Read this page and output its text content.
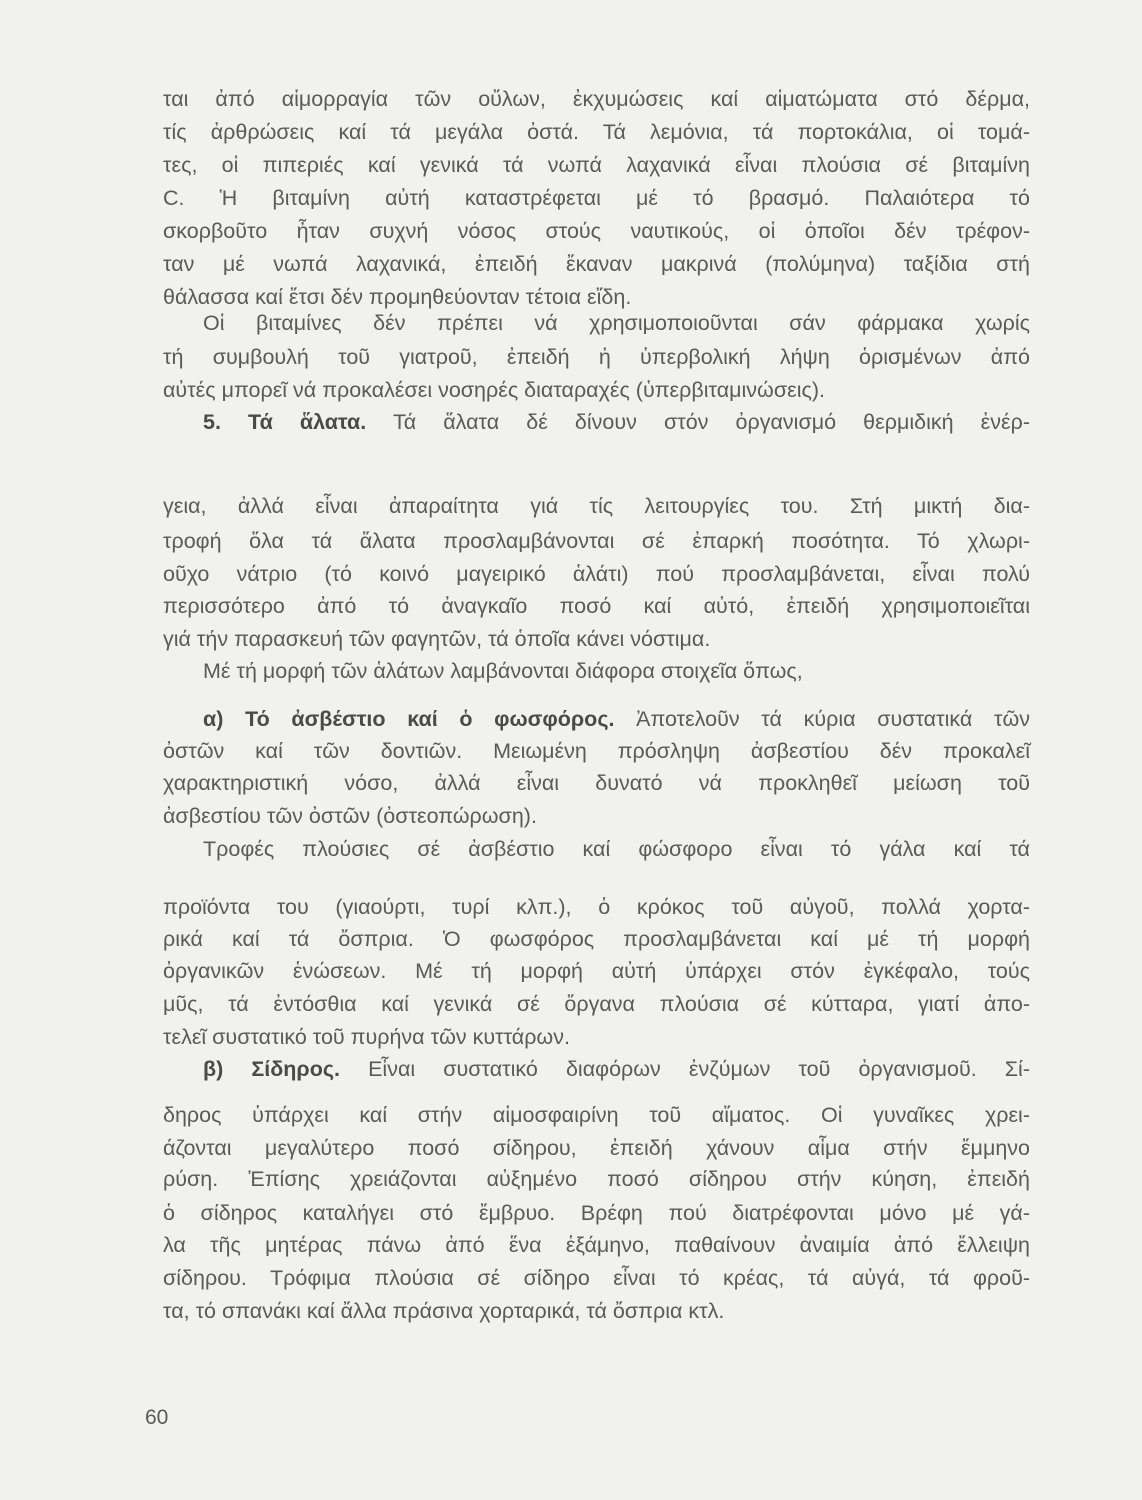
ται ἀπό αἱμορραγία τῶν οὔλων, ἐκχυμώσεις καί αἱματώματα στό δέρμα,
τίς ἀρθρώσεις καί τά μεγάλα ὀστά. Τά λεμόνια, τά πορτοκάλια, οἱ τομά-
τες, οἱ πιπεριές καί γενικά τά νωπά λαχανικά εἶναι πλούσια σέ βιταμίνη
C. Ἡ βιταμίνη αὐτή καταστρέφεται μέ τό βρασμό. Παλαιότερα τό
σκορβοῦτο ἦταν συχνή νόσος στούς ναυτικούς, οἱ ὁποῖοι δέν τρέφον-
ταν μέ νωπά λαχανικά, ἐπειδή ἔκαναν μακρινά (πολύμηνα) ταξίδια στή
θάλασσα καί ἔτσι δέν προμηθεύονταν τέτοια εἴδη.
Οἱ βιταμίνες δέν πρέπει νά χρησιμοποιοῦνται σάν φάρμακα χωρίς
τή συμβουλή τοῦ γιατροῦ, ἐπειδή ἡ ὑπερβολική λήψη ὁρισμένων ἀπό
αὐτές μπορεῖ νά προκαλέσει νοσηρές διαταραχές (ὑπερβιταμινώσεις).
5. Τά ἅλατα. Τά ἅλατα δέ δίνουν στόν ὀργανισμό θερμιδική ἐνέρ-
γεια, ἀλλά εἶναι ἀπαραίτητα γιά τίς λειτουργίες του. Στή μικτή δια-
τροφή ὅλα τά ἅλατα προσλαμβάνονται σέ ἐπαρκή ποσότητα. Τό χλωρι-
οῦχο νάτριο (τό κοινό μαγειρικό ἁλάτι) πού προσλαμβάνεται, εἶναι πολύ
περισσότερο ἀπό τό ἀναγκαῖο ποσό καί αὐτό, ἐπειδή χρησιμοποιεῖται
γιά τήν παρασκευή τῶν φαγητῶν, τά ὁποῖα κάνει νόστιμα.
Μέ τή μορφή τῶν ἁλάτων λαμβάνονται διάφορα στοιχεῖα ὅπως,
α) Τό ἀσβέστιο καί ὁ φωσφόρος. Ἀποτελοῦν τά κύρια συστατικά τῶν
ὀστῶν καί τῶν δοντιῶν. Μειωμένη πρόσληψη ἀσβεστίου δέν προκαλεῖ
χαρακτηριστική νόσο, ἀλλά εἶναι δυνατό νά προκληθεῖ μείωση τοῦ
ἀσβεστίου τῶν ὀστῶν (ὀστεοπώρωση).
Τροφές πλούσιες σέ ἀσβέστιο καί φώσφορο εἶναι τό γάλα καί τά
προϊόντα του (γιαούρτι, τυρί κλπ.), ὁ κρόκος τοῦ αὐγοῦ, πολλά χορτα-
ρικά καί τά ὄσπρια. Ὁ φωσφόρος προσλαμβάνεται καί μέ τή μορφή
ὀργανικῶν ἑνώσεων. Μέ τή μορφή αὐτή ὑπάρχει στόν ἐγκέφαλο, τούς
μῦς, τά ἐντόσθια καί γενικά σέ ὄργανα πλούσια σέ κύτταρα, γιατί ἀπο-
τελεῖ συστατικό τοῦ πυρήνα τῶν κυττάρων.
β) Σίδηρος. Εἶναι συστατικό διαφόρων ἐνζύμων τοῦ ὀργανισμοῦ. Σί-
δηρος ὑπάρχει καί στήν αἱμοσφαιρίνη τοῦ αἵματος. Οἱ γυναῖκες χρει-
άζονται μεγαλύτερο ποσό σίδηρου, ἐπειδή χάνουν αἷμα στήν ἔμμηνο
ρύση. Ἐπίσης χρειάζονται αὐξημένο ποσό σίδηρου στήν κύηση, ἐπειδή
ὁ σίδηρος καταλήγει στό ἔμβρυο. Βρέφη πού διατρέφονται μόνο μέ γά-
λα τῆς μητέρας πάνω ἀπό ἕνα ἑξάμηνο, παθαίνουν ἀναιμία ἀπό ἔλλειψη
σίδηρου. Τρόφιμα πλούσια σέ σίδηρο εἶναι τό κρέας, τά αὐγά, τά φροῦ-
τα, τό σπανάκι καί ἄλλα πράσινα χορταρικά, τά ὄσπρια κτλ.
60
